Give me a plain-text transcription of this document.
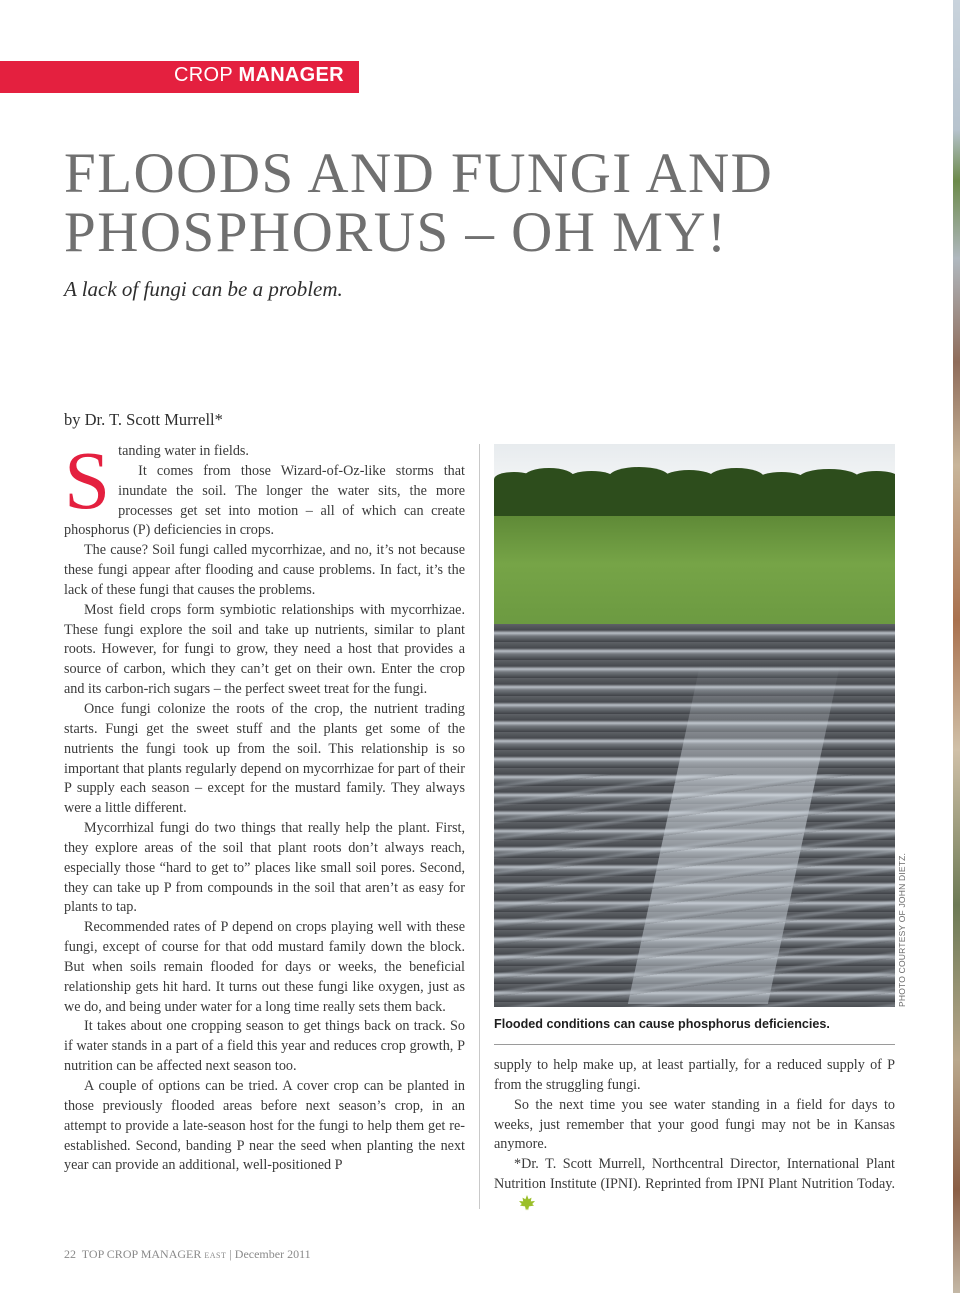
CROP MANAGER
FLOODS AND FUNGI AND
PHOSPHORUS – OH MY!
A lack of fungi can be a problem.
by Dr. T. Scott Murrell*
S tanding water in fields.

It comes from those Wizard-of-Oz-like storms that inundate the soil. The longer the water sits, the more processes get set into motion – all of which can create phosphorus (P) deficiencies in crops.

The cause? Soil fungi called mycorrhizae, and no, it’s not because these fungi appear after flooding and cause problems. In fact, it’s the lack of these fungi that causes the problems.

Most field crops form symbiotic relationships with mycorrhizae. These fungi explore the soil and take up nutrients, similar to plant roots. However, for fungi to grow, they need a host that provides a source of carbon, which they can’t get on their own. Enter the crop and its carbon-rich sugars – the perfect sweet treat for the fungi.

Once fungi colonize the roots of the crop, the nutrient trading starts. Fungi get the sweet stuff and the plants get some of the nutrients the fungi took up from the soil. This relationship is so important that plants regularly depend on mycorrhizae for part of their P supply each season – except for the mustard family. They always were a little different.

Mycorrhizal fungi do two things that really help the plant. First, they explore areas of the soil that plant roots don’t always reach, especially those “hard to get to” places like small soil pores. Second, they can take up P from compounds in the soil that aren’t as easy for plants to tap.

Recommended rates of P depend on crops playing well with these fungi, except of course for that odd mustard family down the block. But when soils remain flooded for days or weeks, the beneficial relationship gets hit hard. It turns out these fungi like oxygen, just as we do, and being under water for a long time really sets them back.

It takes about one cropping season to get things back on track. So if water stands in a part of a field this year and reduces crop growth, P nutrition can be affected next season too.

A couple of options can be tried. A cover crop can be planted in those previously flooded areas before next season’s crop, in an attempt to provide a late-season host for the fungi to help them get re-established. Second, banding P near the seed when planting the next year can provide an additional, well-positioned P

PHOTO COURTESY OF JOHN DIETZ.
Flooded conditions can cause phosphorus deficiencies.

supply to help make up, at least partially, for a reduced supply of P from the struggling fungi.

So the next time you see water standing in a field for days to weeks, just remember that your good fungi may not be in Kansas anymore.

*Dr. T. Scott Murrell, Northcentral Director, International Plant Nutrition Institute (IPNI). Reprinted from IPNI Plant Nutrition Today.

22 TOP CROP MANAGER EAST | December 2011
